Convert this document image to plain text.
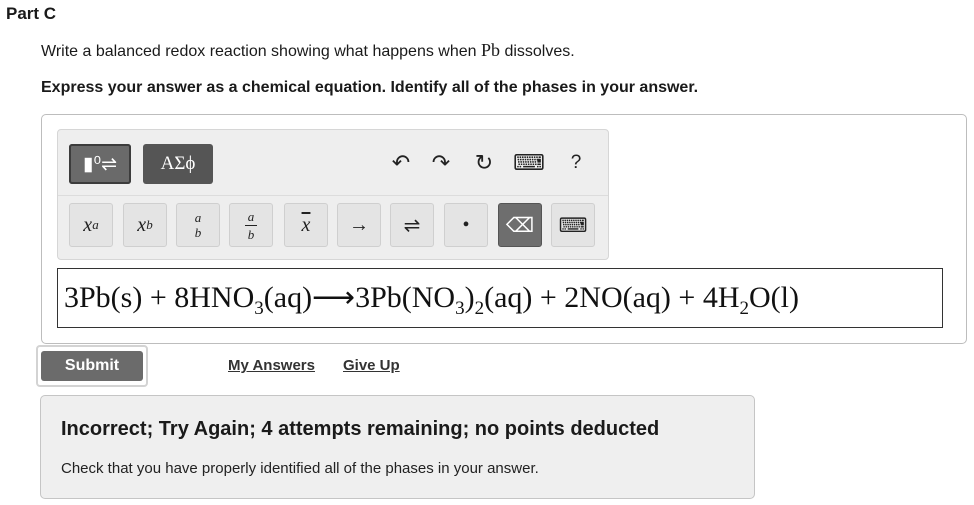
Part C
Write a balanced redox reaction showing what happens when Pb dissolves.
Express your answer as a chemical equation. Identify all of the phases in your answer.
▮⁰⇌	ΑΣϕ	↶ ↷ ↻ ⌨	?
x a x b	a
b	$\frac{a}{b} \overline{x}$	→	⇌	•	⌫	⌨
$3Pb(s) + 8HNO_3(aq)⟶3Pb(NO_3)_2(aq) + 2NO(aq) + 4H_2O(l)$
Submit	My Answers Give Up
Incorrect; Try Again; 4 attempts remaining; no points deducted
Check that you have properly identified all of the phases in your answer.
